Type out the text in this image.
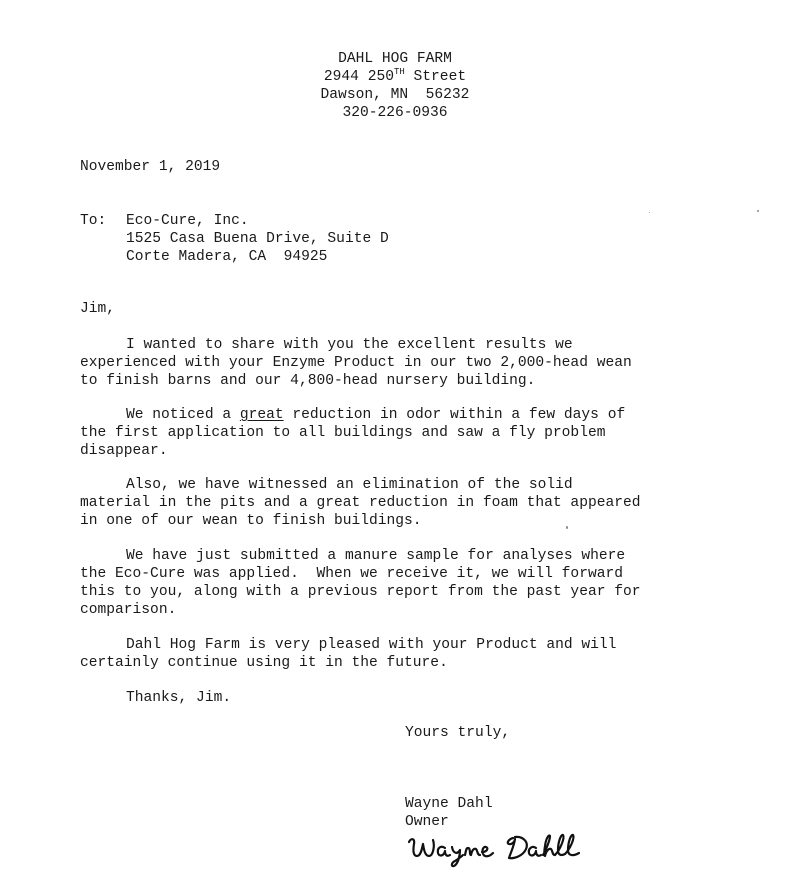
DAHL HOG FARM
2944 250TH Street
Dawson, MN  56232
320-226-0936
November 1, 2019
To: Eco-Cure, Inc.
1525 Casa Buena Drive, Suite D
Corte Madera, CA  94925
Jim,
I wanted to share with you the excellent results we
experienced with your Enzyme Product in our two 2,000-head wean
to finish barns and our 4,800-head nursery building.
We noticed a great reduction in odor within a few days of
the first application to all buildings and saw a fly problem
disappear.
Also, we have witnessed an elimination of the solid
material in the pits and a great reduction in foam that appeared
in one of our wean to finish buildings.
We have just submitted a manure sample for analyses where
the Eco-Cure was applied.  When we receive it, we will forward
this to you, along with a previous report from the past year for
comparison.
Dahl Hog Farm is very pleased with your Product and will
certainly continue using it in the future.
Thanks, Jim.
Yours truly,
Wayne Dahl
Owner
